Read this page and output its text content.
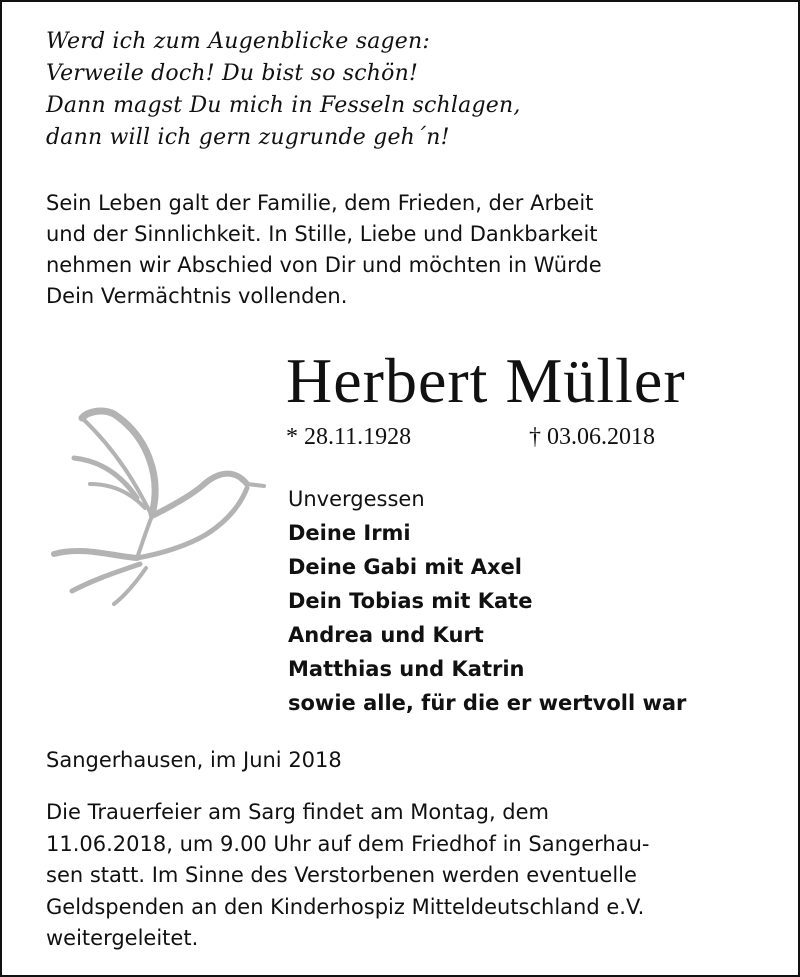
Werd ich zum Augenblicke sagen:
Verweile doch! Du bist so schön!
Dann magst Du mich in Fesseln schlagen,
dann will ich gern zugrunde geh´n!
Sein Leben galt der Familie, dem Frieden, der Arbeit
und der Sinnlichkeit. In Stille, Liebe und Dankbarkeit
nehmen wir Abschied von Dir und möchten in Würde
Dein Vermächtnis vollenden.
Herbert Müller
* 28.11.1928	† 03.06.2018
Unvergessen
Deine Irmi
Deine Gabi mit Axel
Dein Tobias mit Kate
Andrea und Kurt
Matthias und Katrin
sowie alle, für die er wertvoll war
Sangerhausen, im Juni 2018
Die Trauerfeier am Sarg findet am Montag, dem
11.06.2018, um 9.00 Uhr auf dem Friedhof in Sangerhau-
sen statt. Im Sinne des Verstorbenen werden eventuelle
Geldspenden an den Kinderhospiz Mitteldeutschland e.V.
weitergeleitet.
